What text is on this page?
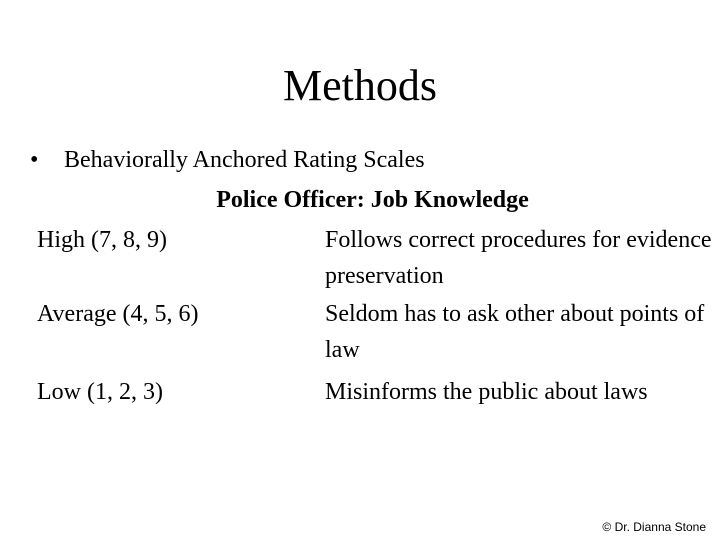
Methods
• Behaviorally Anchored Rating Scales
Police Officer: Job Knowledge
High (7, 8, 9)	Follows correct procedures for evidence preservation
Average (4, 5, 6)	Seldom has to ask other about points of law
Low (1, 2, 3)	Misinforms the public about laws
© Dr. Dianna Stone
